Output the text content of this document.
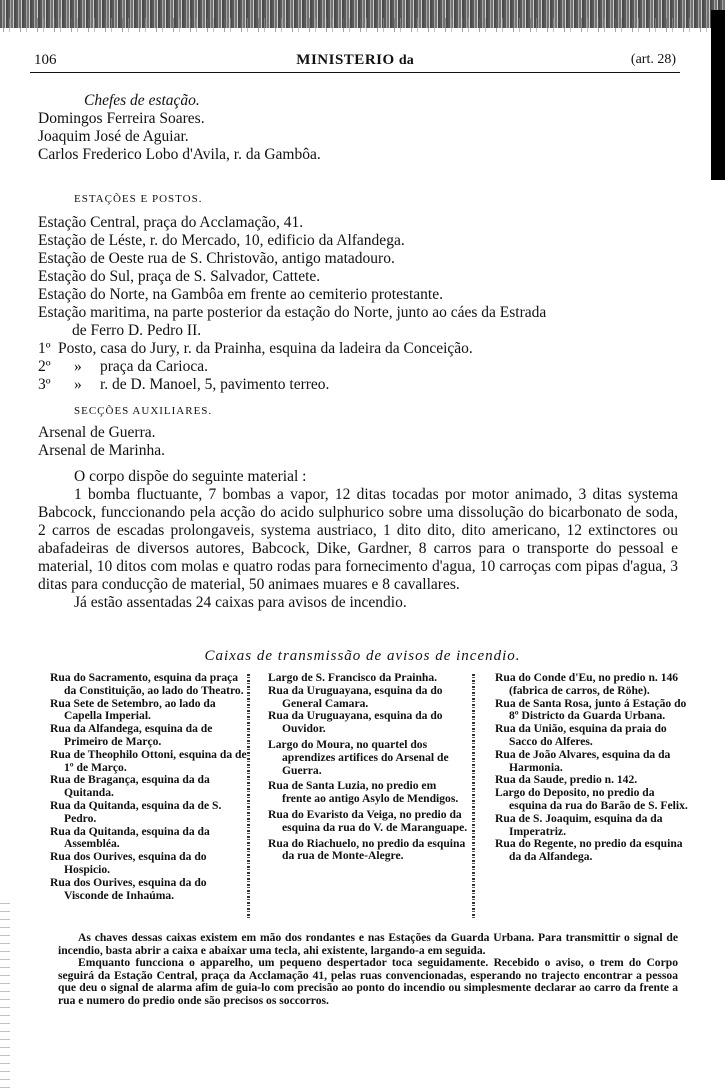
106	MINISTERIO da	(art. 28)
Chefes de estação.
Domingos Ferreira Soares.
Joaquim José de Aguiar.
Carlos Frederico Lobo d'Avila, r. da Gambôa.
ESTAÇÕES E POSTOS.
Estação Central, praça do Acclamação, 41.
Estação de Léste, r. do Mercado, 10, edificio da Alfandega.
Estação de Oeste rua de S. Christovão, antigo matadouro.
Estação do Sul, praça de S. Salvador, Cattete.
Estação do Norte, na Gambôa em frente ao cemiterio protestante.
Estação maritima, na parte posterior da estação do Norte, junto ao cáes da Estrada
de Ferro D. Pedro II.
1º Posto, casa do Jury, r. da Prainha, esquina da ladeira da Conceição.
2º » praça da Carioca.
3º » r. de D. Manoel, 5, pavimento terreo.
SECÇÕES AUXILIARES.
Arsenal de Guerra.
Arsenal de Marinha.

O corpo dispõe do seguinte material :

1 bomba fluctuante, 7 bombas a vapor, 12 ditas tocadas por motor animado, 3 ditas systema Babcock, funccionando pela acção do acido sulphurico sobre uma dissolução do bicarbonato de soda, 2 carros de escadas prolongaveis, systema austriaco, 1 dito dito, dito americano, 12 extinctores ou abafadeiras de diversos autores, Babcock, Dike, Gardner, 8 carros para o transporte do pessoal e material, 10 ditos com molas e quatro rodas para fornecimento d'agua, 10 carroças com pipas d'agua, 3 ditas para conducção de material, 50 animaes muares e 8 cavallares.

Já estão assentadas 24 caixas para avisos de incendio.

Caixas de transmissão de avisos de incendio.

Rua do Sacramento, esquina da praça da Constituição, ao lado do Theatro.

Rua Sete de Setembro, ao lado da Capella Imperial.

Rua da Alfandega, esquina da de Primeiro de Março.

Rua de Theophilo Ottoni, esquina da de 1º de Março.

Rua de Bragança, esquina da da Quitanda.

Rua da Quitanda, esquina da de S. Pedro.

Rua da Quitanda, esquina da da Assembléa.

Rua dos Ourives, esquina da do Hospicio.

Rua dos Ourives, esquina da do Visconde de Inhaúma.

Largo de S. Francisco da Prainha.

Rua da Uruguayana, esquina da do General Camara.

Rua da Uruguayana, esquina da do Ouvidor.

Largo do Moura, no quartel dos aprendizes artifices do Arsenal de Guerra.

Rua de Santa Luzia, no predio em frente ao antigo Asylo de Mendigos.

Rua do Evaristo da Veiga, no predio da esquina da rua do V. de Maranguape.

Rua do Riachuelo, no predio da esquina da rua de Monte-Alegre.

Rua do Conde d'Eu, no predio n. 146 (fabrica de carros, de Röhe).

Rua de Santa Rosa, junto á Estação do 8º Districto da Guarda Urbana.

Rua da União, esquina da praia do Sacco do Alferes.

Rua de João Alvares, esquina da da Harmonia.

Rua da Saude, predio n. 142.

Largo do Deposito, no predio da esquina da rua do Barão de S. Felix.

Rua de S. Joaquim, esquina da da Imperatriz.

Rua do Regente, no predio da esquina da da Alfandega.

As chaves dessas caixas existem em mão dos rondantes e nas Estações da Guarda Urbana. Para transmittir o signal de incendio, basta abrir a caixa e abaixar uma tecla, ahi existente, largando-a em seguida.

Emquanto funcciona o apparelho, um pequeno despertador toca seguidamente. Recebido o aviso, o trem do Corpo seguirá da Estação Central, praça da Acclamação 41, pelas ruas convencionadas, esperando no trajecto encontrar a pessoa que deu o signal de alarma afim de guia-lo com precisão ao ponto do incendio ou simplesmente declarar ao carro da frente a rua e numero do predio onde são precisos os soccorros.
